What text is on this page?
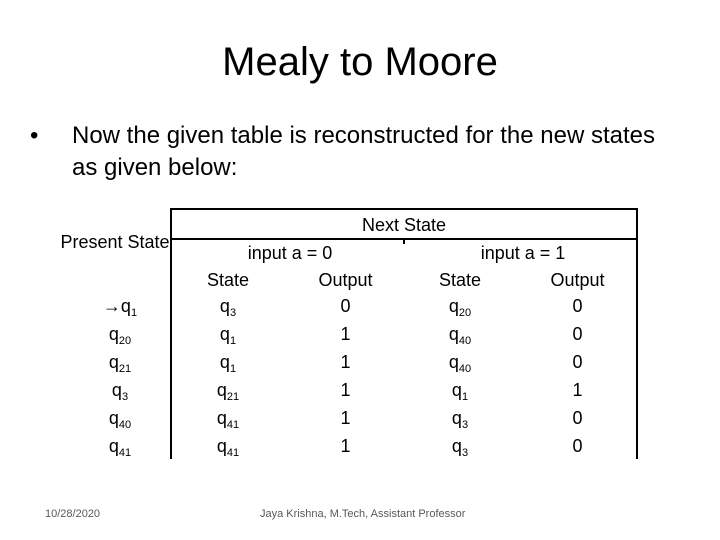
Mealy to Moore
• Now the given table is reconstructed for the new states as given below:
Present State
Next State
input a = 0	input a = 1
State	Output	State	Output
$\to q_1$	$q_3$	0	$q_{20}$	0
$q_{20}$	$q_1$	1	$q_{40}$	0
$q_{21}$	$q_1$	1	$q_{40}$	0
$q_3$	$q_{21}$	1	$q_1$	1
$q_{40}$	$q_{41}$	1	$q_3$	0
$q_{41}$	$q_{41}$	1	$q_3$	0
10/28/2020	Jaya Krishna, M.Tech, Assistant Professor
